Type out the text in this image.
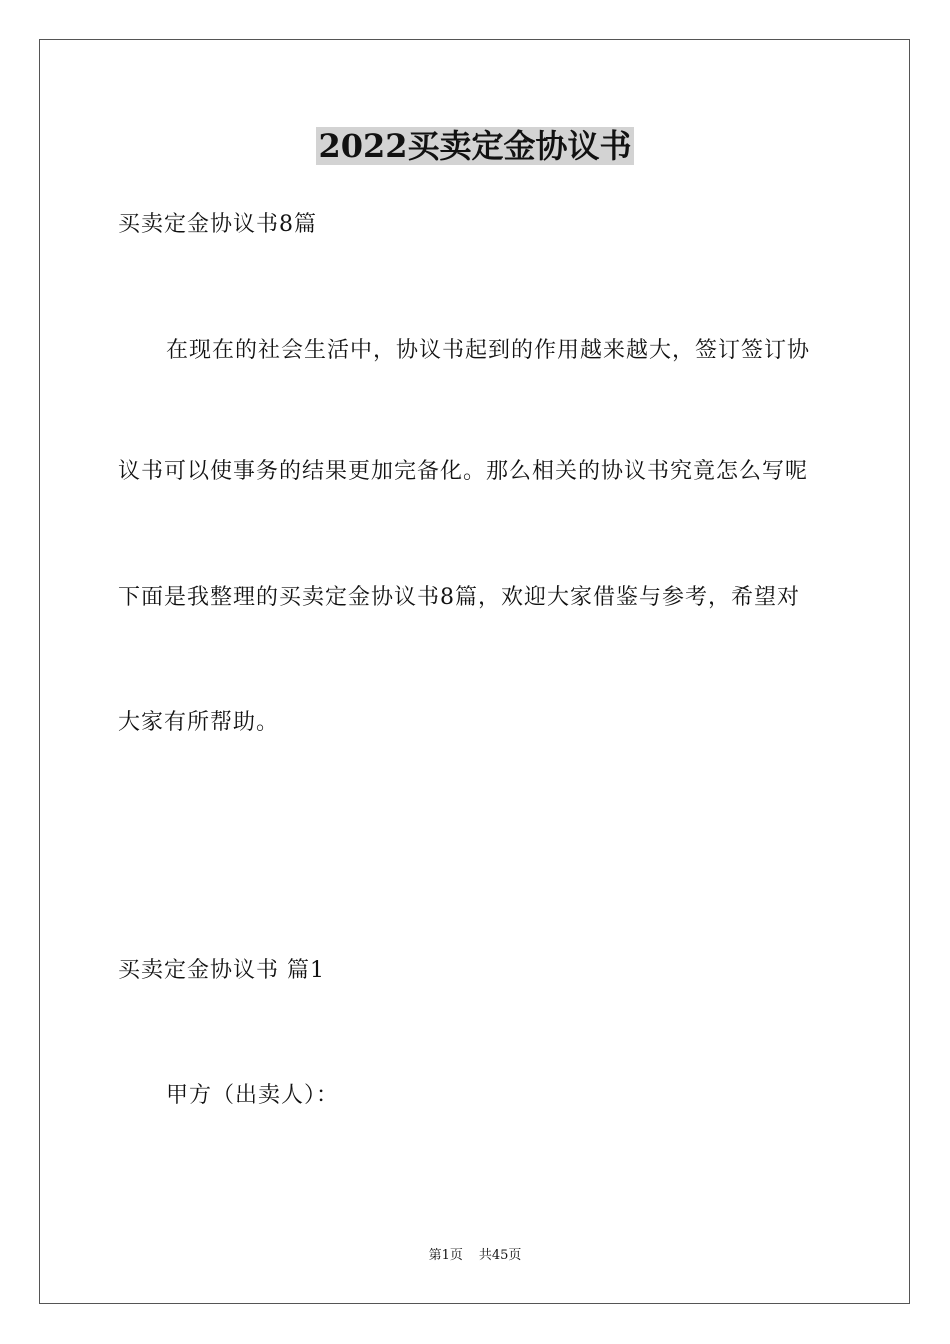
2022买卖定金协议书
买卖定金协议书8篇
在现在的社会生活中，协议书起到的作用越来越大，签订签订协
议书可以使事务的结果更加完备化。那么相关的协议书究竟怎么写呢
下面是我整理的买卖定金协议书8篇，欢迎大家借鉴与参考，希望对
大家有所帮助。
买卖定金协议书 篇1
甲方（出卖人）：
第1页 共45页
